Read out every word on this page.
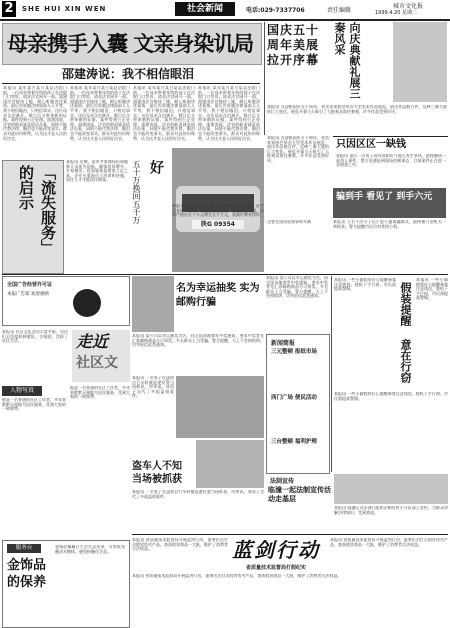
2	SHE HUI XIN WEN	社会新闻	电话:029-7337706	责任编辑
城市文化报
1999.4.20 星期二
母亲携手入囊 文亲身染讥局
邵建涛说：我不相信眼泪
本报讯 某年某月某日某县法院门前，一位母亲带着年幼的孩子在法院门口哭诉，请求法官网开一面。邵建涛法官接待了她，耐心听她讲述案情，最后告诉她法律面前人人平等，我不相信眼泪，只相信事实。这位母亲含泪离开，数日后又带来新的证据，案件得到公正处理。邵建涛说，法官的职责就是依法办案，同情不能代替法律，眼泪也不能改变事实。群众对此纷纷称赞，认为这才是人民的好法官。
本报讯 某年某月某日某县法院门前，一位母亲带着年幼的孩子在法院门口哭诉，请求法官网开一面。邵建涛法官接待了她，耐心听她讲述案情，最后告诉她法律面前人人平等，我不相信眼泪，只相信事实。这位母亲含泪离开，数日后又带来新的证据，案件得到公正处理。邵建涛说，法官的职责就是依法办案，同情不能代替法律，眼泪也不能改变事实。群众对此纷纷称赞，认为这才是人民的好法官。
本报讯 某年某月某日某县法院门前，一位母亲带着年幼的孩子在法院门口哭诉，请求法官网开一面。邵建涛法官接待了她，耐心听她讲述案情，最后告诉她法律面前人人平等，我不相信眼泪，只相信事实。这位母亲含泪离开，数日后又带来新的证据，案件得到公正处理。邵建涛说，法官的职责就是依法办案，同情不能代替法律，眼泪也不能改变事实。群众对此纷纷称赞，认为这才是人民的好法官。
本报讯 某年某月某日某县法院门前，一位母亲带着年幼的孩子在法院门口哭诉，请求法官网开一面。邵建涛法官接待了她，耐心听她讲述案情，最后告诉她法律面前人人平等，我不相信眼泪，只相信事实。这位母亲含泪离开，数日后又带来新的证据，案件得到公正处理。邵建涛说，法官的职责就是依法办案，同情不能代替法律，眼泪也不能改变事实。群众对此纷纷称赞，认为这才是人民的好法官。
国庆五十周年美展拉开序幕	向庆典献礼展三秦风采
本报讯 为迎接国庆五十周年，省美术家协会举办大型美术作品展览，展出作品数百件，反映三秦大地的巨大变化。展览开幕当天吸引了大批观众前往参观，许多作品受到好评。
只因区区一缺钱
本报讯 某区一名男子因经济纠纷与他人发生争执，最终酿成一起伤人事件。警方迅速赶到现场控制事态，目前案件正在进一步调查之中。
本报讯 为迎接国庆五十周年，省美术家协会举办大型美术作品展览，展出作品数百件，反映三秦大地的巨大变化。展览开幕当天吸引了大批观众前往参观，许多作品受到好评。
骗到手 看见了 到手六元
本报讯 几名不法分子以小恩小惠诱骗群众，最终被公安机关一举抓获。警方提醒市民切勿贪图小利。
「流失服务」的启示
本报讯 近期，某市多家商场出现服务人员流失现象，顾客投诉增多。专家指出，优质服务是商家立足之本，企业应重视员工培训和待遇，留住人才才能留住顾客。	五十万换回五千万 好
陕G 09354
本报讯 质监部门对一批不合格产品亮出红牌，责令企业停产整顿。该企业痛定思痛，加强质量管理，次年产值由五十万元增至五千万元，质量红牌亮得好。
交警在现场处理事故车辆
全国广告经营许可证
本报广告部 欢迎惠顾
名为幸运抽奖 实为邮购行骗
本报讯 某公司以幸运抽奖为名，向全国各地寄发中奖通知，要求中奖者先汇款邮购商品方可领奖。多名群众上当受骗。警方提醒，天上不会掉馅饼，切勿轻信此类通知。
本报讯 某公司以幸运抽奖为名，向全国各地寄发中奖通知，要求中奖者先汇款邮购商品方可领奖。多名群众上当受骗。警方提醒，天上不会掉馅饼，切勿轻信此类通知。	假装提醒 意在行窃
本报讯 一些小偷假装好心提醒乘客注意钱包，趁机下手行窃，市民需提高警惕。
本报讯 一些小偷假装好心提醒乘客注意钱包，趁机下手行窃，市民需提高警惕。
本报讯 一些小偷假装好心提醒乘客注意钱包，趁机下手行窃，市民需提高警惕。
走近
社区文
本报讯 社区文化活动丰富多彩，居民们自发组织秧歌队、合唱团，活跃了社区生活。
人物写真
他是一名普通的社区工作者，多年来默默无闻地为居民服务，受到大家的一致称赞。
他是一名普通的社区工作者，多年来默默无闻地为居民服务，受到大家的一致称赞。
新闻简报
三元整顿 报纸市场
西门广场 便民活动
三台整顿 福利护理
本报讯 一名男子在盗窃自行车时被巡逻民警当场抓获，经审讯，该男子交代了多起盗窃案件。
盗车人不知 当场被抓获
本报讯 一名男子在盗窃自行车时被巡逻民警当场抓获，经审讯，该男子交代了多起盗窃案件。
法制宣传
临潼一起法制宣传活动走基层
本报讯 临潼区司法部门组织法制宣传小分队深入农村，为群众讲解法律知识，受到欢迎。
蓝剑行动
省质量技术监督局打假纪实
本报讯 省质量技术监督局开展蓝剑行动，重拳出击打击假冒伪劣产品，查获假冒商品一大批，维护了消费者合法权益。
本报讯 省质量技术监督局开展蓝剑行动，重拳出击打击假冒伪劣产品，查获假冒商品一大批，维护了消费者合法权益。
本报讯 省质量技术监督局开展蓝剑行动，重拳出击打击假冒伪劣产品，查获假冒商品一大批，维护了消费者合法权益。
服务台
金饰品的保养
金饰品佩戴日久会失去光泽，可用软布蘸清水擦拭，避免接触化学品。
